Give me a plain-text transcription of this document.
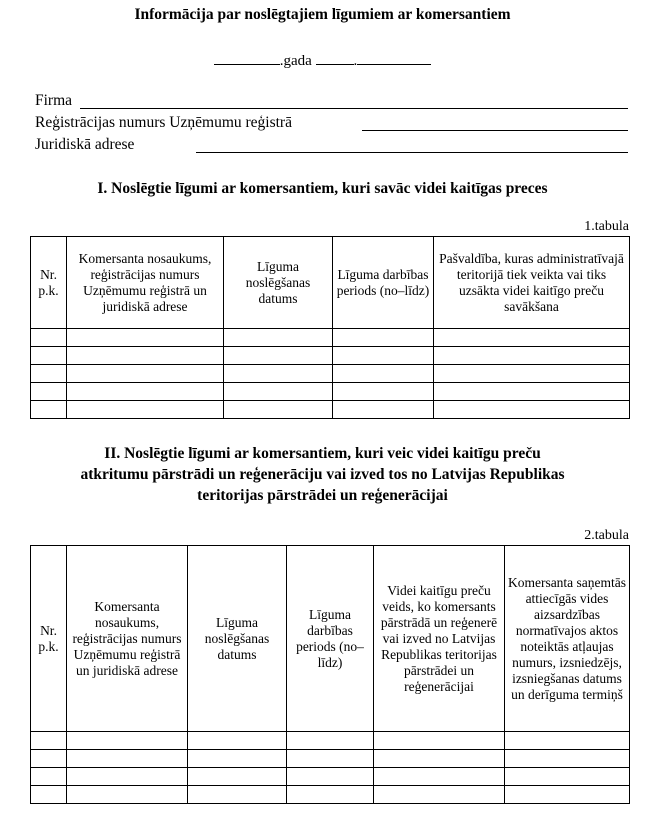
Informācija par noslēgtajiem līgumiem ar komersantiem
.gada	.
Firma
Reģistrācijas numurs Uzņēmumu reģistrā
Juridiskā adrese
I. Noslēgtie līgumi ar komersantiem, kuri savāc videi kaitīgas preces
1.tabula
Nr. p.k.	Komersanta nosaukums, reģistrācijas numurs Uzņēmumu reģistrā un juridiskā adrese	Līguma noslēgšanas datums	Līguma darbības periods (no–līdz)	Pašvaldība, kuras administratīvajā teritorijā tiek veikta vai tiks uzsākta videi kaitīgo preču savākšana

II. Noslēgtie līgumi ar komersantiem, kuri veic videi kaitīgu preču
atkritumu pārstrādi un reģenerāciju vai izved tos no Latvijas Republikas
teritorijas pārstrādei un reģenerācijai
2.tabula
Nr. p.k.	Komersanta nosaukums, reģistrācijas numurs Uzņēmumu reģistrā un juridiskā adrese	Līguma noslēgšanas datums	Līguma darbības periods (no–līdz)	Videi kaitīgu preču veids, ko komersants pārstrādā un reģenerē vai izved no Latvijas Republikas teritorijas pārstrādei un reģenerācijai	Komersanta saņemtās attiecīgās vides aizsardzības normatīvajos aktos noteiktās atļaujas numurs, izsniedzējs, izsniegšanas datums un derīguma termiņš
